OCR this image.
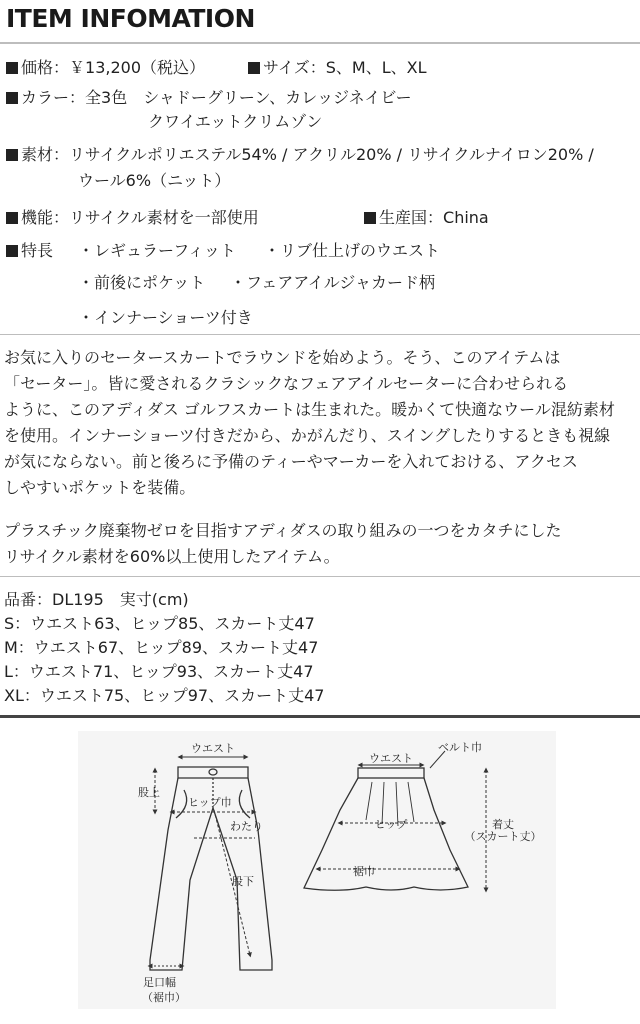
ITEM INFOMATION
価格：￥13,200（税込）	サイズ：S、M、L、XL
カラー：全3色　シャドーグリーン、カレッジネイビー
クワイエットクリムゾン
素材：リサイクルポリエステル54% / アクリル20% / リサイクルナイロン20% /
ウール6%（ニット）
機能：リサイクル素材を一部使用	生産国：China
特長 ・レギュラーフィット ・リブ仕上げのウエスト
・前後にポケット ・フェアアイルジャカード柄
・インナーショーツ付き
お気に入りのセータースカートでラウンドを始めよう。そう、このアイテムは
「セーター」。皆に愛されるクラシックなフェアアイルセーターに合わせられる
ように、このアディダス ゴルフスカートは生まれた。暖かくて快適なウール混紡素材
を使用。インナーショーツ付きだから、かがんだり、スイングしたりするときも視線
が気にならない。前と後ろに予備のティーやマーカーを入れておける、アクセス
しやすいポケットを装備。
プラスチック廃棄物ゼロを目指すアディダスの取り組みの一つをカタチにした
リサイクル素材を60%以上使用したアイテム。
品番：DL195　実寸(cm)
S：ウエスト63、ヒップ85、スカート丈47
M：ウエスト67、ヒップ89、スカート丈47
L：ウエスト71、ヒップ93、スカート丈47
XL：ウエスト75、ヒップ97、スカート丈47
ウエスト
股上
ヒップ巾
わたり
股下
足口幅
（裾巾）
ベルト巾
ウエスト
ヒップ	着丈
（スカート丈）
裾巾
